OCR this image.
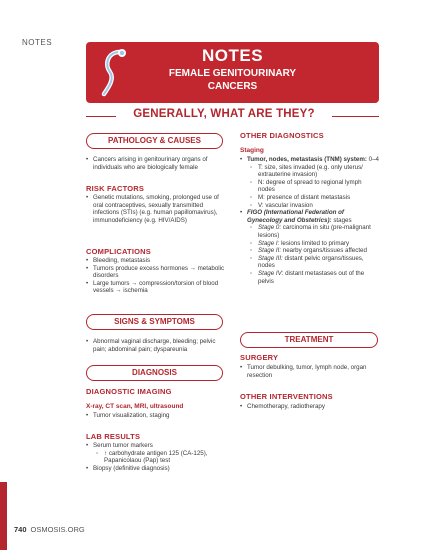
NOTES
NOTES
FEMALE GENITOURINARY
CANCERS
GENERALLY, WHAT ARE THEY?
PATHOLOGY & CAUSES
• Cancers arising in genitourinary organs of individuals who are biologically female
RISK FACTORS
• Genetic mutations, smoking, prolonged use of oral contraceptives, sexually transmitted infections (STIs) (e.g. human papillomavirus), immunodeficiency (e.g. HIV/AIDS)
COMPLICATIONS
• Bleeding, metastasis
• Tumors produce excess hormones → metabolic disorders
• Large tumors → compression/torsion of blood vessels → ischemia
SIGNS & SYMPTOMS
• Abnormal vaginal discharge, bleeding; pelvic pain; abdominal pain; dyspareunia
DIAGNOSIS
DIAGNOSTIC IMAGING
X-ray, CT scan, MRI, ultrasound
• Tumor visualization, staging
LAB RESULTS
• Serum tumor markers
◦ ↑ carbohydrate antigen 125 (CA-125), Papanicolaou (Pap) test
• Biopsy (definitive diagnosis)
OTHER DIAGNOSTICS
Staging
• Tumor, nodes, metastasis (TNM) system: 0–4
◦ T: size, sites invaded (e.g. only uterus/ extrauterine invasion)
◦ N: degree of spread to regional lymph nodes
◦ M: presence of distant metastasis
◦ V: vascular invasion
• FIGO (International Federation of Gynecology and Obstetrics): stages
◦ Stage 0: carcinoma in situ (pre-malignant lesions)
◦ Stage I: lesions limited to primary
◦ Stage II: nearby organs/tissues affected
◦ Stage III: distant pelvic organs/tissues, nodes
◦ Stage IV: distant metastases out of the pelvis
TREATMENT
SURGERY
• Tumor debulking, tumor, lymph node, organ resection
OTHER INTERVENTIONS
• Chemotherapy, radiotherapy
740 OSMOSIS.ORG
